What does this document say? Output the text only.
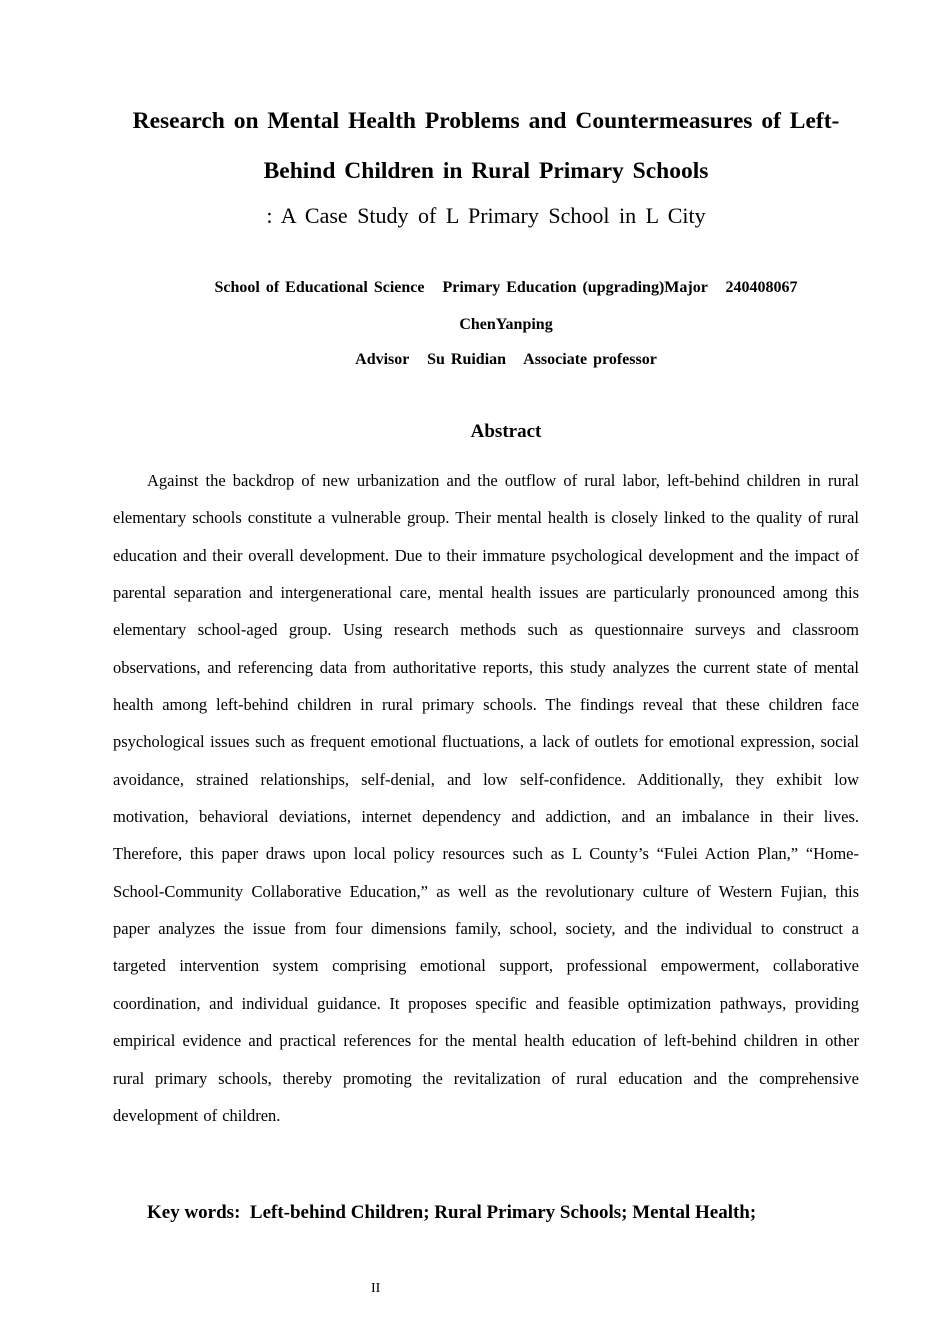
Research on Mental Health Problems and Countermeasures of Left-
Behind Children in Rural Primary Schools
: A Case Study of L Primary School in L City
School of Educational Science   Primary Education (upgrading)Major   240408067
ChenYanping
Advisor   Su Ruidian   Associate professor
Abstract

Against the backdrop of new urbanization and the outflow of rural labor, left-behind children in rural elementary schools constitute a vulnerable group. Their mental health is closely linked to the quality of rural education and their overall development. Due to their immature psychological development and the impact of parental separation and intergenerational care, mental health issues are particularly pronounced among this elementary school-aged group. Using research methods such as questionnaire surveys and classroom observations, and referencing data from authoritative reports, this study analyzes the current state of mental health among left-behind children in rural primary schools. The findings reveal that these children face psychological issues such as frequent emotional fluctuations, a lack of outlets for emotional expression, social avoidance, strained relationships, self-denial, and low self-confidence. Additionally, they exhibit low motivation, behavioral deviations, internet dependency and addiction, and an imbalance in their lives. Therefore, this paper draws upon local policy resources such as L County’s “Fulei Action Plan,” “Home-School-Community Collaborative Education,” as well as the revolutionary culture of Western Fujian, this paper analyzes the issue from four dimensions family, school, society, and the individual to construct a targeted intervention system comprising emotional support, professional empowerment, collaborative coordination, and individual guidance. It proposes specific and feasible optimization pathways, providing empirical evidence and practical references for the mental health education of left-behind children in other rural primary schools, thereby promoting the revitalization of rural education and the comprehensive development of children.

Key words:  Left-behind Children; Rural Primary Schools; Mental Health;
II
